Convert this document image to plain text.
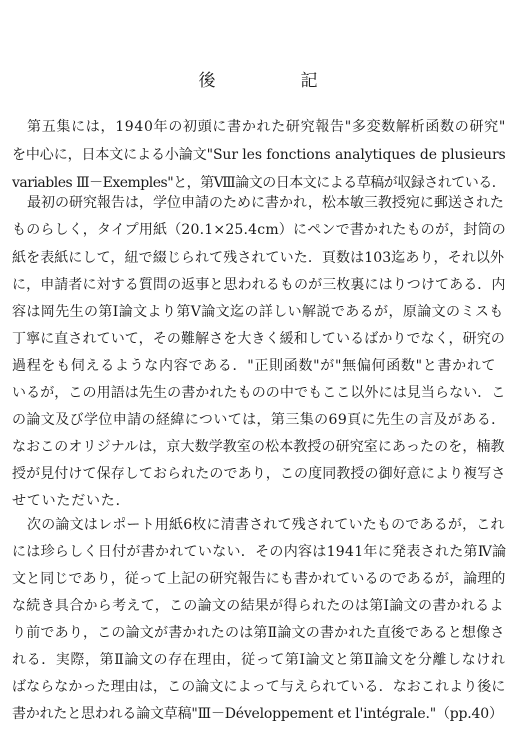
後　記
第五集には，1940年の初頭に書かれた研究報告"多変数解析函数の研究"
を中心に，日本文による小論文"Sur les fonctions analytiques de plusieurs
variables Ⅲ－Exemples"と，第Ⅷ論文の日本文による草稿が収録されている．
最初の研究報告は，学位申請のために書かれ，松本敏三教授宛に郵送された
ものらしく，タイプ用紙（20.1×25.4cm）にペンで書かれたものが，封筒の
紙を表紙にして，紐で綴じられて残されていた．頁数は103迄あり，それ以外
に，申請者に対する質問の返事と思われるものが三枚裏にはりつけてある．内
容は岡先生の第Ⅰ論文より第Ⅴ論文迄の詳しい解説であるが，原論文のミスも
丁寧に直されていて，その難解さを大きく緩和しているばかりでなく，研究の
過程をも伺えるような内容である．"正則函数"が"無偏何函数"と書かれて
いるが，この用語は先生の書かれたものの中でもここ以外には見当らない．こ
の論文及び学位申請の経緯については，第三集の69頁に先生の言及がある．
なおこのオリジナルは，京大数学教室の松本教授の研究室にあったのを，楠教
授が見付けて保存しておられたのであり，この度同教授の御好意により複写さ
せていただいた．
次の論文はレポート用紙6枚に清書されて残されていたものであるが，これ
には珍らしく日付が書かれていない．その内容は1941年に発表された第Ⅳ論
文と同じであり，従って上記の研究報告にも書かれているのであるが，論理的
な続き具合から考えて，この論文の結果が得られたのは第Ⅰ論文の書かれるよ
り前であり，この論文が書かれたのは第Ⅱ論文の書かれた直後であると想像さ
れる．実際，第Ⅱ論文の存在理由，従って第Ⅰ論文と第Ⅱ論文を分離しなけれ
ばならなかった理由は，この論文によって与えられている．なおこれより後に
書かれたと思われる論文草稿"Ⅲ－Développement et l'intégrale."（pp.40）
